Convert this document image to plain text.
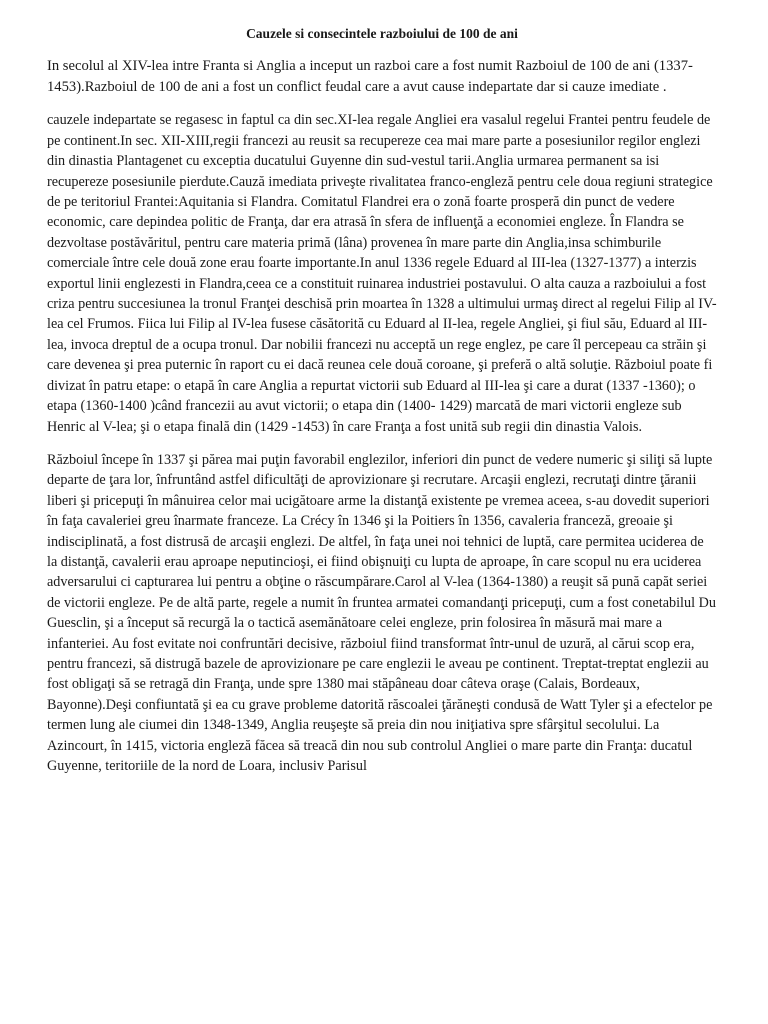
Cauzele si consecintele razboiului de 100 de ani

In secolul al XIV-lea intre Franta si Anglia a inceput un razboi care a fost numit Razboiul de 100 de ani (1337-1453).Razboiul de 100 de ani a fost un conflict feudal care a avut cause indepartate dar si cauze imediate .

cauzele indepartate se regasesc in faptul ca din sec.XI-lea regale Angliei era vasalul regelui Frantei pentru feudele de pe continent.In sec. XII-XIII,regii francezi au reusit sa recupereze cea mai mare parte a posesiunilor regilor englezi din dinastia Plantagenet cu exceptia ducatului Guyenne din sud-vestul tarii.Anglia urmarea permanent sa isi recupereze posesiunile pierdute.Cauză imediata priveşte rivalitatea franco-engleză pentru cele doua regiuni strategice de pe teritoriul Frantei:Aquitania si Flandra. Comitatul Flandrei era o zonă foarte prosperă din punct de vedere economic, care depindea politic de Franţa, dar era atrasă în sfera de influenţă a economiei engleze. În Flandra se dezvoltase postăvăritul, pentru care materia primă (lâna) provenea în mare parte din Anglia,insa schimburile comerciale între cele două zone erau foarte importante.In anul 1336 regele Eduard al III-lea (1327-1377) a interzis exportul linii englezesti in Flandra,ceea ce a constituit ruinarea industriei postavului. O alta cauza a razboiului a fost criza pentru succesiunea la tronul Franţei deschisă prin moartea în 1328 a ultimului urmaş direct al regelui Filip al IV-lea cel Frumos. Fiica lui Filip al IV-lea fusese căsătorită cu Eduard al II-lea, regele Angliei, şi fiul său, Eduard al III-lea, invoca dreptul de a ocupa tronul. Dar nobilii francezi nu acceptă un rege englez, pe care îl percepeau ca străin şi care devenea şi prea puternic în raport cu ei dacă reunea cele două coroane, şi preferă o altă soluţie. Războiul poate fi divizat în patru etape: o etapă în care Anglia a repurtat victorii sub Eduard al III-lea şi care a durat (1337 -1360); o etapa (1360-1400 )când francezii au avut victorii; o etapa din (1400- 1429) marcată de mari victorii engleze sub Henric al V-lea; şi o etapa finală din (1429 -1453) în care Franţa a fost unită sub regii din dinastia Valois.

Războiul începe în 1337 şi părea mai puţin favorabil englezilor, inferiori din punct de vedere numeric şi siliţi să lupte departe de ţara lor, înfruntând astfel dificultăţi de aprovizionare şi recrutare. Arcaşii englezi, recrutaţi dintre ţăranii liberi şi pricepuţi în mânuirea celor mai ucigătoare arme la distanţă existente pe vremea aceea, s-au dovedit superiori în faţa cavaleriei greu înarmate franceze. La Crécy în 1346 şi la Poitiers în 1356, cavaleria franceză, greoaie şi indisciplinată, a fost distrusă de arcaşii englezi. De altfel, în faţa unei noi tehnici de luptă, care permitea uciderea de la distanţă, cavalerii erau aproape neputincioşi, ei fiind obişnuiţi cu lupta de aproape, în care scopul nu era uciderea adversarului ci capturarea lui pentru a obţine o răscumpărare.Carol al V-lea (1364-1380) a reuşit să pună capăt seriei de victorii engleze. Pe de altă parte, regele a numit în fruntea armatei comandanţi pricepuţi, cum a fost conetabilul Du Guesclin, şi a început să recurgă la o tactică asemănătoare celei engleze, prin folosirea în măsură mai mare a infanteriei. Au fost evitate noi confruntări decisive, războiul fiind transformat într-unul de uzură, al cărui scop era, pentru francezi, să distrugă bazele de aprovizionare pe care englezii le aveau pe continent. Treptat-treptat englezii au fost obligaţi să se retragă din Franţa, unde spre 1380 mai stăpâneau doar câteva oraşe (Calais, Bordeaux, Bayonne).Deşi confiuntată şi ea cu grave probleme datorită răscoalei ţărăneşti condusă de Watt Tyler şi a efectelor pe termen lung ale ciumei din 1348-1349, Anglia reuşeşte să preia din nou iniţiativa spre sfârşitul secolului. La Azincourt, în 1415, victoria engleză făcea să treacă din nou sub controlul Angliei o mare parte din Franţa: ducatul Guyenne, teritoriile de la nord de Loara, inclusiv Parisul
